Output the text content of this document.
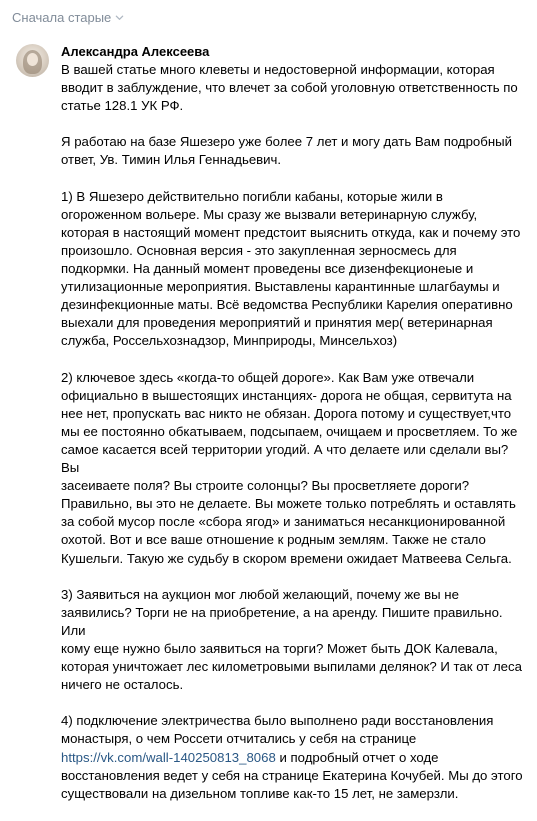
Сначала старые
Александра Алексеева

В вашей статье много клеветы и недостоверной информации, которая
вводит в заблуждение, что влечет за собой уголовную ответственность по
статье 128.1 УК РФ.

Я работаю на базе Яшезеро уже более 7 лет и могу дать Вам подробный
ответ, Ув. Тимин Илья Геннадьевич.

1) В Яшезеро действительно погибли кабаны, которые жили в
огороженном вольере. Мы сразу же вызвали ветеринарную службу,
которая в настоящий момент предстоит выяснить откуда, как и почему это
произошло. Основная версия - это закупленная зерносмесь для
подкормки. На данный момент проведены все дизенфекционеые и
утилизационные мероприятия. Выставлены карантинные шлагбаумы и
дезинфекционные маты. Всё ведомства Республики Карелия оперативно
выехали для проведения мероприятий и принятия мер( ветеринарная
служба, Россельхознадзор, Минприроды, Минсельхоз)

2) ключевое здесь «когда-то общей дороге». Как Вам уже отвечали
официально в вышестоящих инстанциях- дорога не общая, сервитута на
нее нет, пропускать вас никто не обязан. Дорога потому и существует,что
мы ее постоянно обкатываем, подсыпаем, очищаем и просветляем. То же
самое касается всей территории угодий. А что делаете или сделали вы? Вы
засеиваете поля? Вы строите солонцы? Вы просветляете дороги?
Правильно, вы это не делаете. Вы можете только потреблять и оставлять
за собой мусор после «сбора ягод» и заниматься несанкционированной
охотой. Вот и все ваше отношение к родным землям. Также не стало
Кушельги. Такую же судьбу в скором времени ожидает Матвеева Сельга.

3) Заявиться на аукцион мог любой желающий, почему же вы не
заявились? Торги не на приобретение, а на аренду. Пишите правильно. Или
кому еще нужно было заявиться на торги? Может быть ДОК Калевала,
которая уничтожает лес километровыми выпилами делянок? И так от леса
ничего не осталось.

4) подключение электричества было выполнено ради восстановления
монастыря, о чем Россети отчитались у себя на странице
https://vk.com/wall-140250813_8068 и подробный отчет о ходе
восстановления ведет у себя на странице Екатерина Кочубей. Мы до этого
существовали на дизельном топливе как-то 15 лет, не замерзли.
